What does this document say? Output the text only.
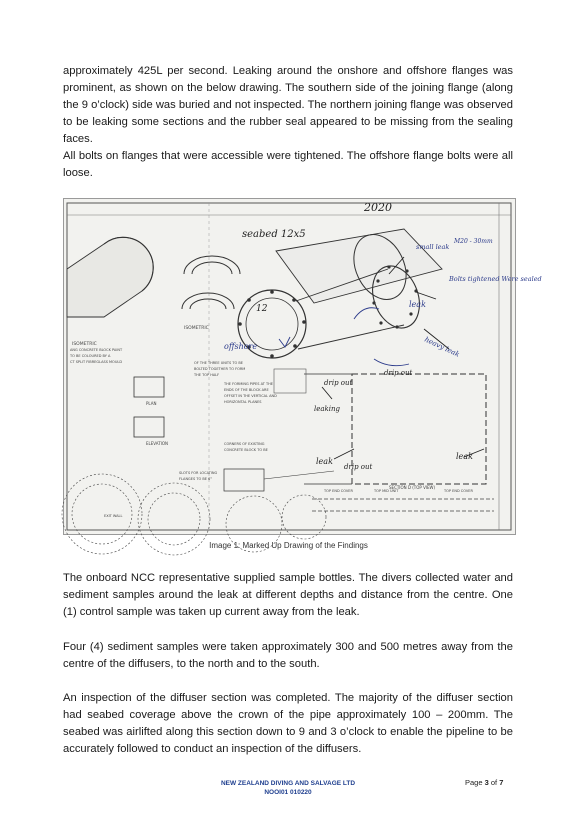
approximately 425L per second. Leaking around the onshore and offshore flanges was prominent, as shown on the below drawing. The southern side of the joining flange (along the 9 o’clock) side was buried and not inspected. The northern joining flange was observed to be leaking some sections and the rubber seal appeared to be missing from the sealing faces.

All bolts on flanges that were accessible were tightened. The offshore flange bolts were all loose.

ANG CONCRETE BLOCK PAINT
TO BE COLOURED BY A
CT SPLIT FIBREGLASS MOULD	OF THE THREE UNITS TO BE
BOLTED TOGETHER TO FORM
THE TOP HALF
THE FORMING PIPES AT THE
ENDS OF THE BLOCK ARE
OFFSET IN THE VERTICAL AND
HORIZONTAL PLANES
CORNERS OF EXISTING
CONCRETE BLOCK TO BE
SLOTS FOR LOCATING
FLANGES TO BE 6°
TOP END COVER	TOP MID UNIT	TOP END COVER
EXIT WALL
ISOMETRIC
ISOMETRIC
PLAN
ELEVATION
SECTION D (TOP VIEW)
2020
seabed 12x5
small leak
M20 - 30mm
Bolts tightened Were sealed
leak
offshore	heavy leak
drip out
drip out
leak
leak
drip out
leaking
12
Image 1: Marked Up Drawing of the Findings

The onboard NCC representative supplied sample bottles. The divers collected water and sediment samples around the leak at different depths and distance from the centre. One (1) control sample was taken up current away from the leak.

Four (4) sediment samples were taken approximately 300 and 500 metres away from the centre of the diffusers, to the north and to the south.

An inspection of the diffuser section was completed. The majority of the diffuser section had seabed coverage above the crown of the pipe approximately 100 – 200mm. The seabed was airlifted along this section down to 9 and 3 o’clock to enable the pipeline to be accurately followed to conduct an inspection of the diffusers.

NEW ZEALAND DIVING AND SALVAGE LTD
NOOI01 010220
Page 3 of 7
